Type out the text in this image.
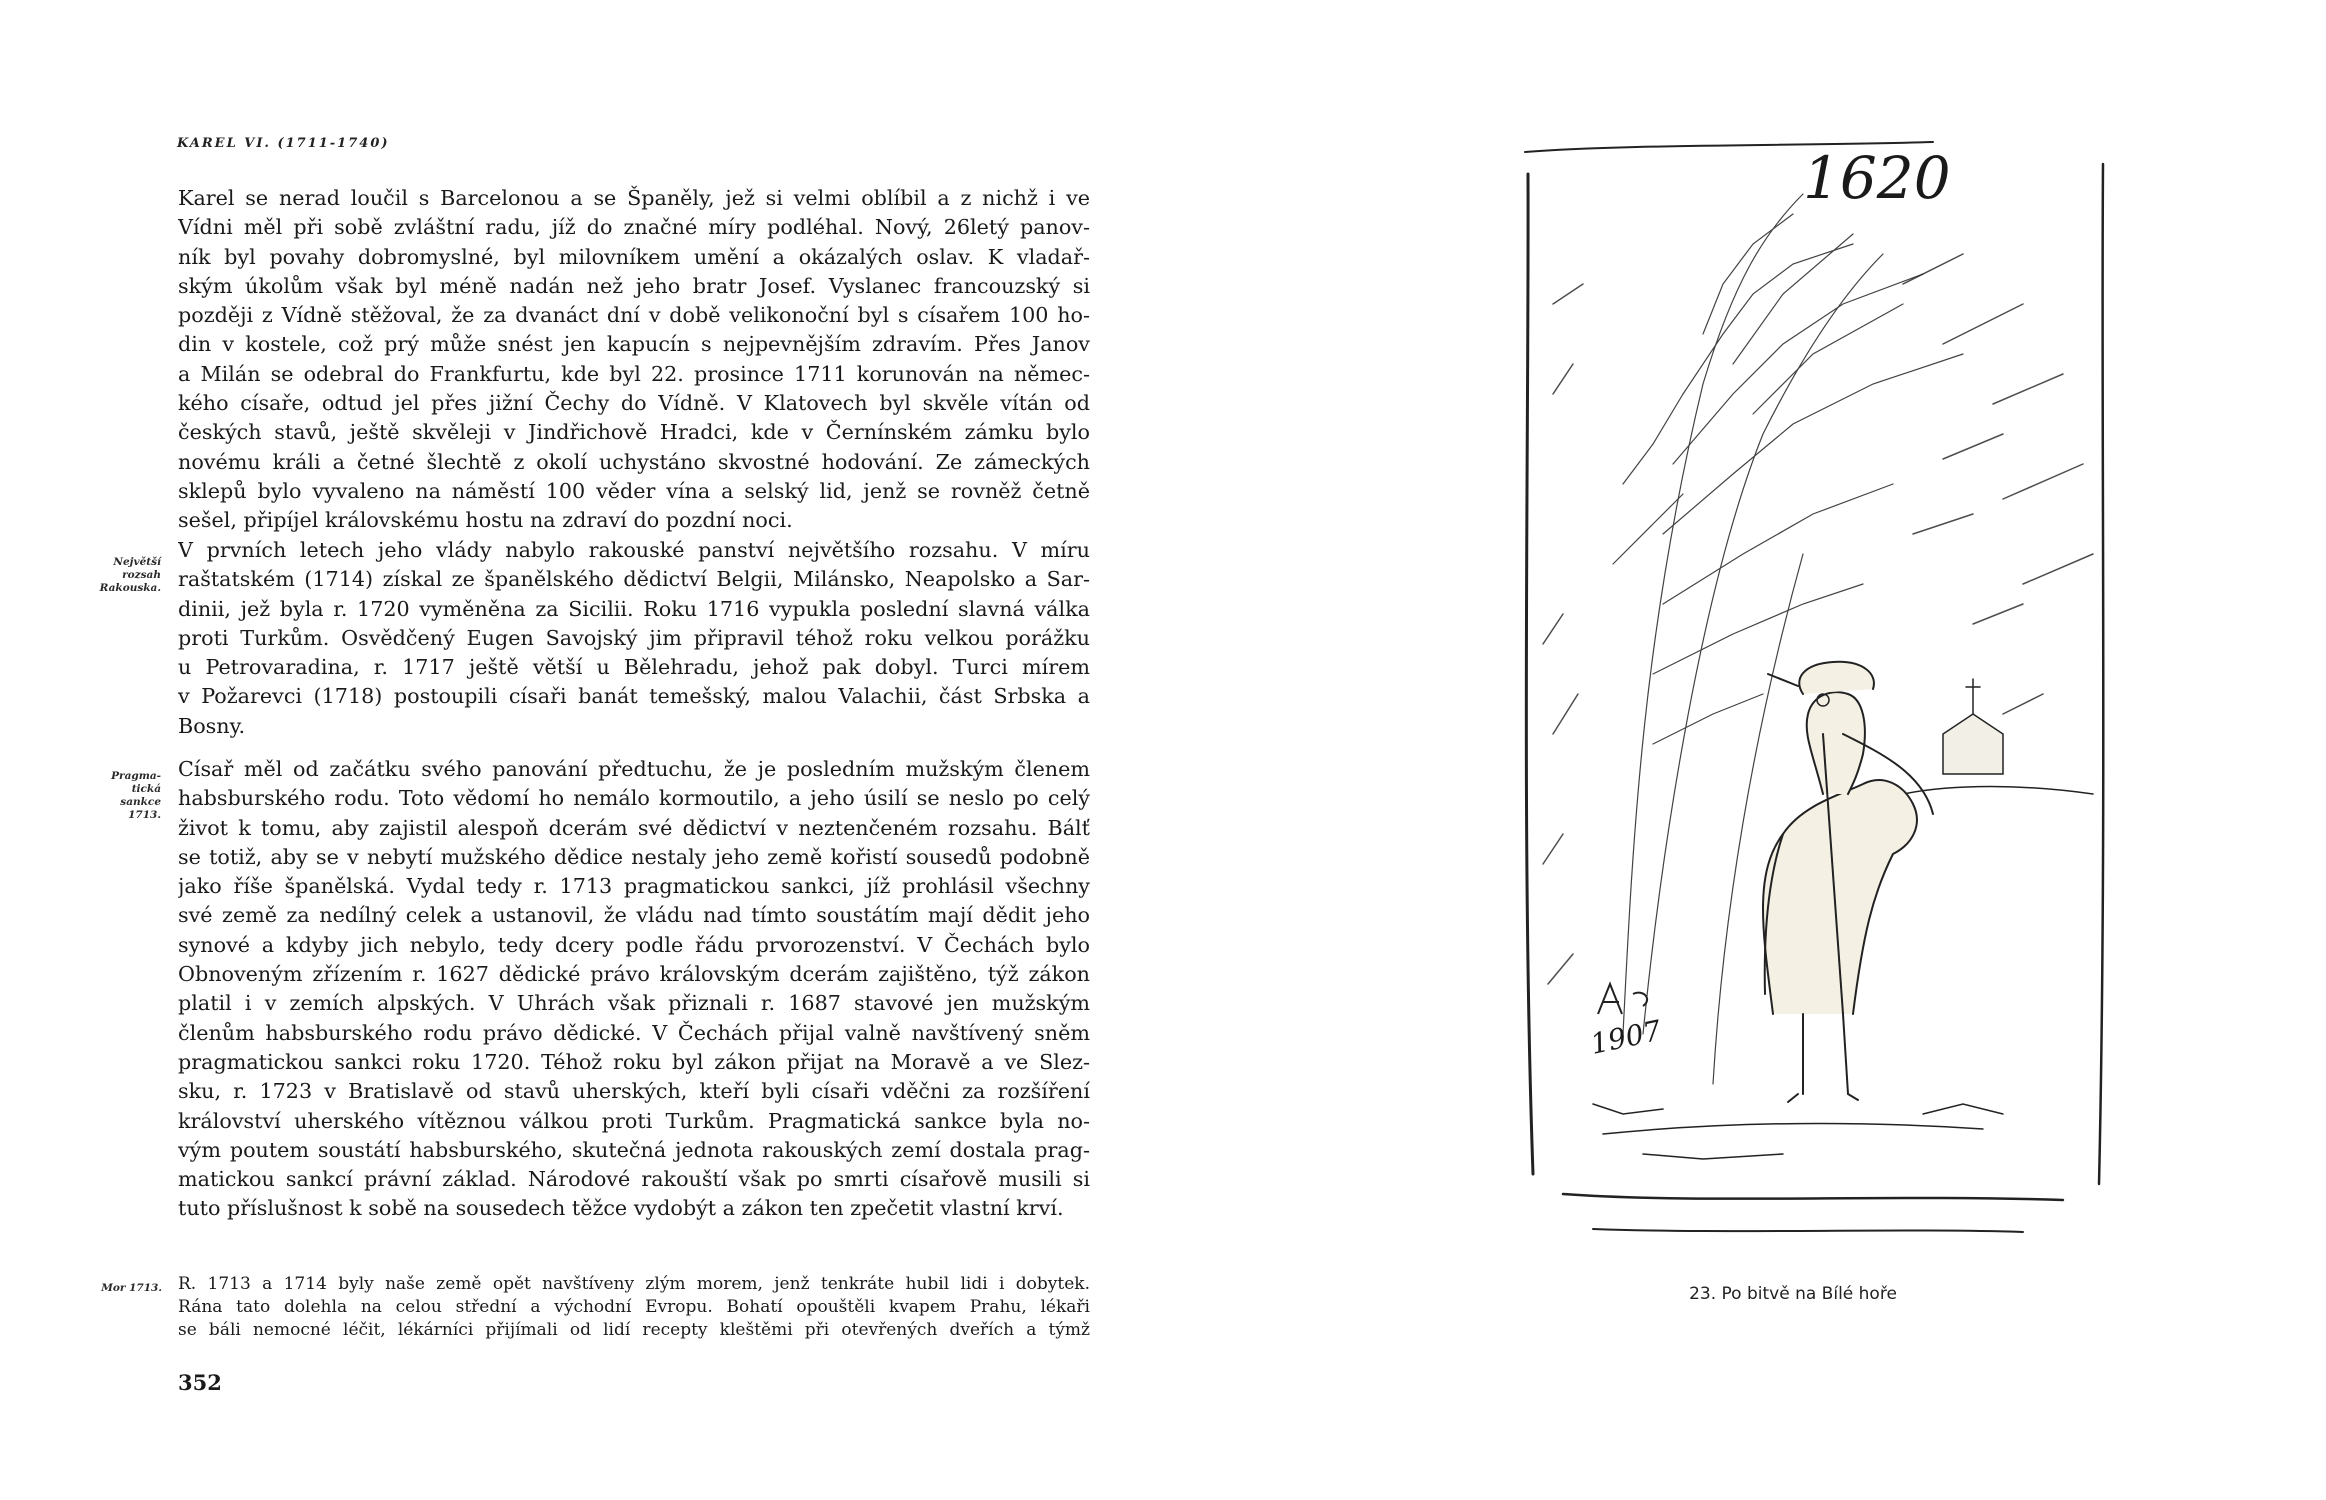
KAREL VI. (1711-1740)
Karel se nerad loučil s Barcelonou a se Španěly, jež si velmi oblíbil a z nichž i ve
Vídni měl při sobě zvláštní radu, jíž do značné míry podléhal. Nový, 26letý panov-
ník byl povahy dobromyslné, byl milovníkem umění a okázalých oslav. K vladař-
ským úkolům však byl méně nadán než jeho bratr Josef. Vyslanec francouzský si
později z Vídně stěžoval, že za dvanáct dní v době velikonoční byl s císařem 100 ho-
din v kostele, což prý může snést jen kapucín s nejpevnějším zdravím. Přes Janov
a Milán se odebral do Frankfurtu, kde byl 22. prosince 1711 korunován na němec-
kého císaře, odtud jel přes jižní Čechy do Vídně. V Klatovech byl skvěle vítán od
českých stavů, ještě skvěleji v Jindřichově Hradci, kde v Černínském zámku bylo
novému králi a četné šlechtě z okolí uchystáno skvostné hodování. Ze zámeckých
sklepů bylo vyvaleno na náměstí 100 věder vína a selský lid, jenž se rovněž četně
sešel, připíjel královskému hostu na zdraví do pozdní noci.
Největší
rozsah
Rakouska.
V prvních letech jeho vlády nabylo rakouské panství největšího rozsahu. V míru
raštatském (1714) získal ze španělského dědictví Belgii, Milánsko, Neapolsko a Sar-
dinii, jež byla r. 1720 vyměněna za Sicilii. Roku 1716 vypukla poslední slavná válka
proti Turkům. Osvědčený Eugen Savojský jim připravil téhož roku velkou porážku
u Petrovaradina, r. 1717 ještě větší u Bělehradu, jehož pak dobyl. Turci mírem
v Požarevci (1718) postoupili císaři banát temešský, malou Valachii, část Srbska a
Bosny.
Pragma-
tická sankce
1713.
Císař měl od začátku svého panování předtuchu, že je posledním mužským členem
habsburského rodu. Toto vědomí ho nemálo kormoutilo, a jeho úsilí se neslo po celý
život k tomu, aby zajistil alespoň dcerám své dědictví v neztenčeném rozsahu. Bálť
se totiž, aby se v nebytí mužského dědice nestaly jeho země kořistí sousedů podobně
jako říše španělská. Vydal tedy r. 1713 pragmatickou sankci, jíž prohlásil všechny
své země za nedílný celek a ustanovil, že vládu nad tímto soustátím mají dědit jeho
synové a kdyby jich nebylo, tedy dcery podle řádu prvorozenství. V Čechách bylo
Obnoveným zřízením r. 1627 dědické právo královským dcerám zajištěno, týž zákon
platil i v zemích alpských. V Uhrách však přiznali r. 1687 stavové jen mužským
členům habsburského rodu právo dědické. V Čechách přijal valně navštívený sněm
pragmatickou sankci roku 1720. Téhož roku byl zákon přijat na Moravě a ve Slez-
sku, r. 1723 v Bratislavě od stavů uherských, kteří byli císaři vděčni za rozšíření
království uherského vítěznou válkou proti Turkům. Pragmatická sankce byla no-
vým poutem soustátí habsburského, skutečná jednota rakouských zemí dostala prag-
matickou sankcí právní základ. Národové rakouští však po smrti císařově musili si
tuto příslušnost k sobě na sousedech těžce vydobýt a zákon ten zpečetit vlastní krví.
Mor 1713. R. 1713 a 1714 byly naše země opět navštíveny zlým morem, jenž tenkráte hubil lidi i dobytek.
Rána tato dolehla na celou střední a východní Evropu. Bohatí opouštěli kvapem Prahu, lékaři
se báli nemocné léčit, lékárníci přijímali od lidí recepty kleštěmi při otevřených dveřích a týmž
352
1620
1907
23. Po bitvě na Bílé hoře
